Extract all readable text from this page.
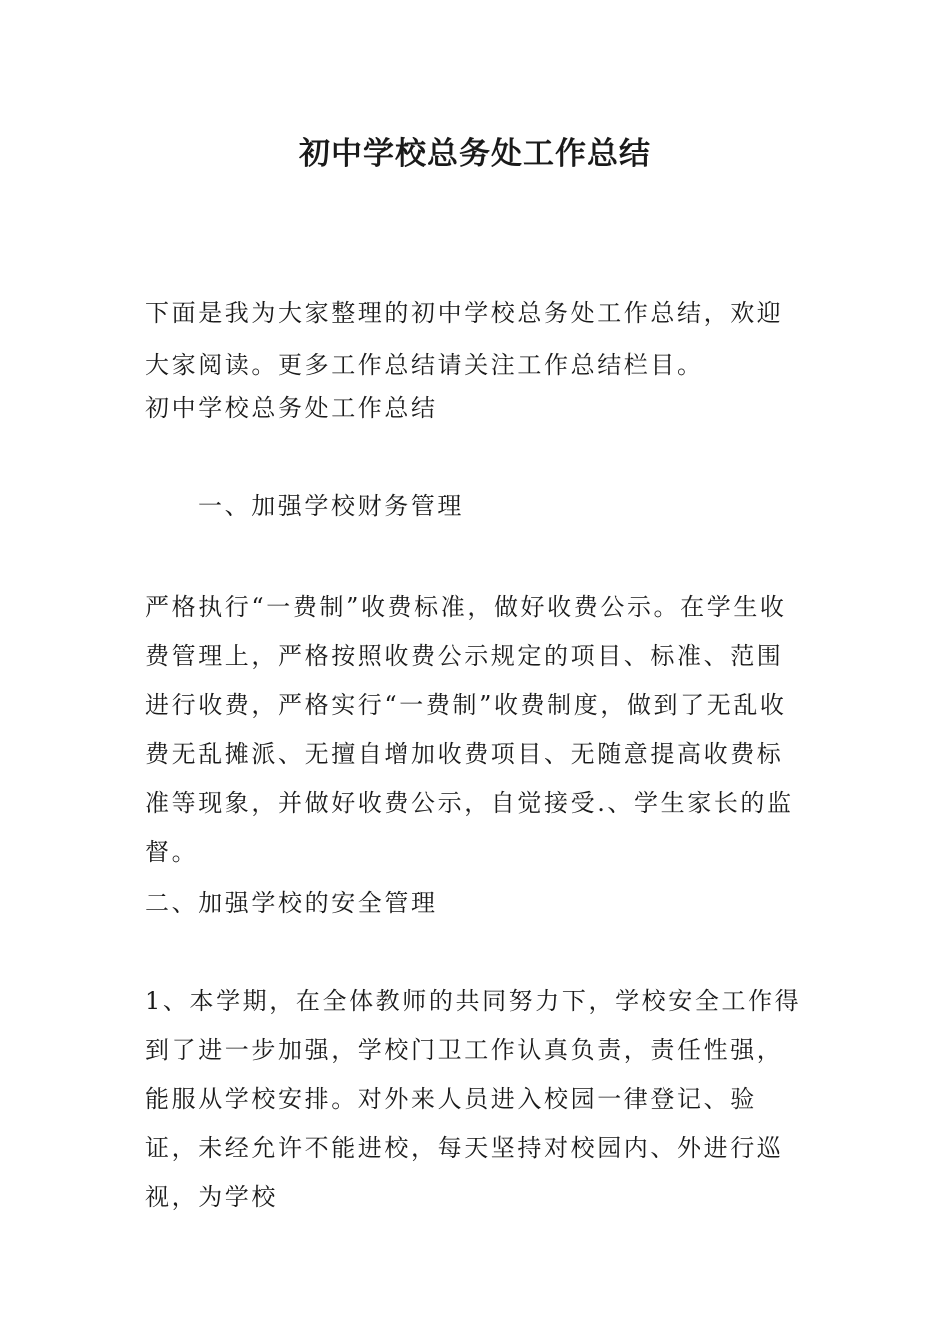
初中学校总务处工作总结

下面是我为大家整理的初中学校总务处工作总结，欢迎大家阅读。更多工作总结请关注工作总结栏目。

初中学校总务处工作总结

一、加强学校财务管理

严格执行“一费制”收费标准，做好收费公示。在学生收费管理上，严格按照收费公示规定的项目、标准、范围进行收费，严格实行“一费制”收费制度，做到了无乱收费无乱摊派、无擅自增加收费项目、无随意提高收费标准等现象，并做好收费公示，自觉接受.、学生家长的监督。

二、加强学校的安全管理

1、本学期，在全体教师的共同努力下，学校安全工作得到了进一步加强，学校门卫工作认真负责，责任性强，能服从学校安排。对外来人员进入校园一律登记、验证，未经允许不能进校，每天坚持对校园内、外进行巡视，为学校
